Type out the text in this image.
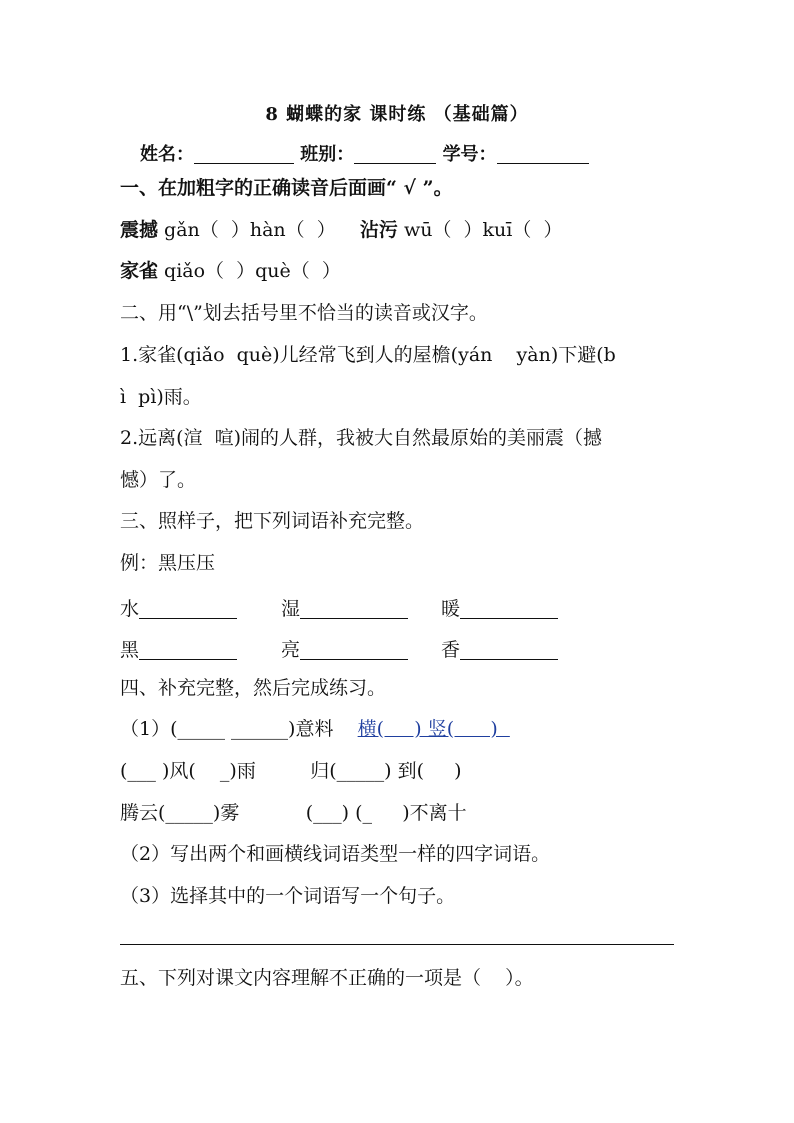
8 蝴蝶的家 课时练 （基础篇）
姓名：	班别：	学号：
一、在加粗字的正确读音后面画“ √ ”。
震撼 gǎn（  ）hàn（  ）    沾污 wū（  ）kuī（  ）
家雀 qiǎo（  ）què（  ）
二、用“\”划去括号里不恰当的读音或汉字。
1.家雀(qiǎo  què)儿经常飞到人的屋檐(yán    yàn)下避(b
ì  pì)雨。
2.远离(渲  喧)闹的人群，我被大自然最原始的美丽震（撼
憾）了。
三、照样子，把下列词语补充完整。
例：黑压压
水	湿	暖
黑	亮	香
四、补充完整，然后完成练习。
（1）(_____ ______)意料    横(     ) 竖(      )
(___ )风(    _)雨         归(_____) 到(     )
腾云(_____)雾           (___) (_     )不离十
（2）写出两个和画横线词语类型一样的四字词语。
（3）选择其中的一个词语写一个句子。
五、下列对课文内容理解不正确的一项是（    ）。
